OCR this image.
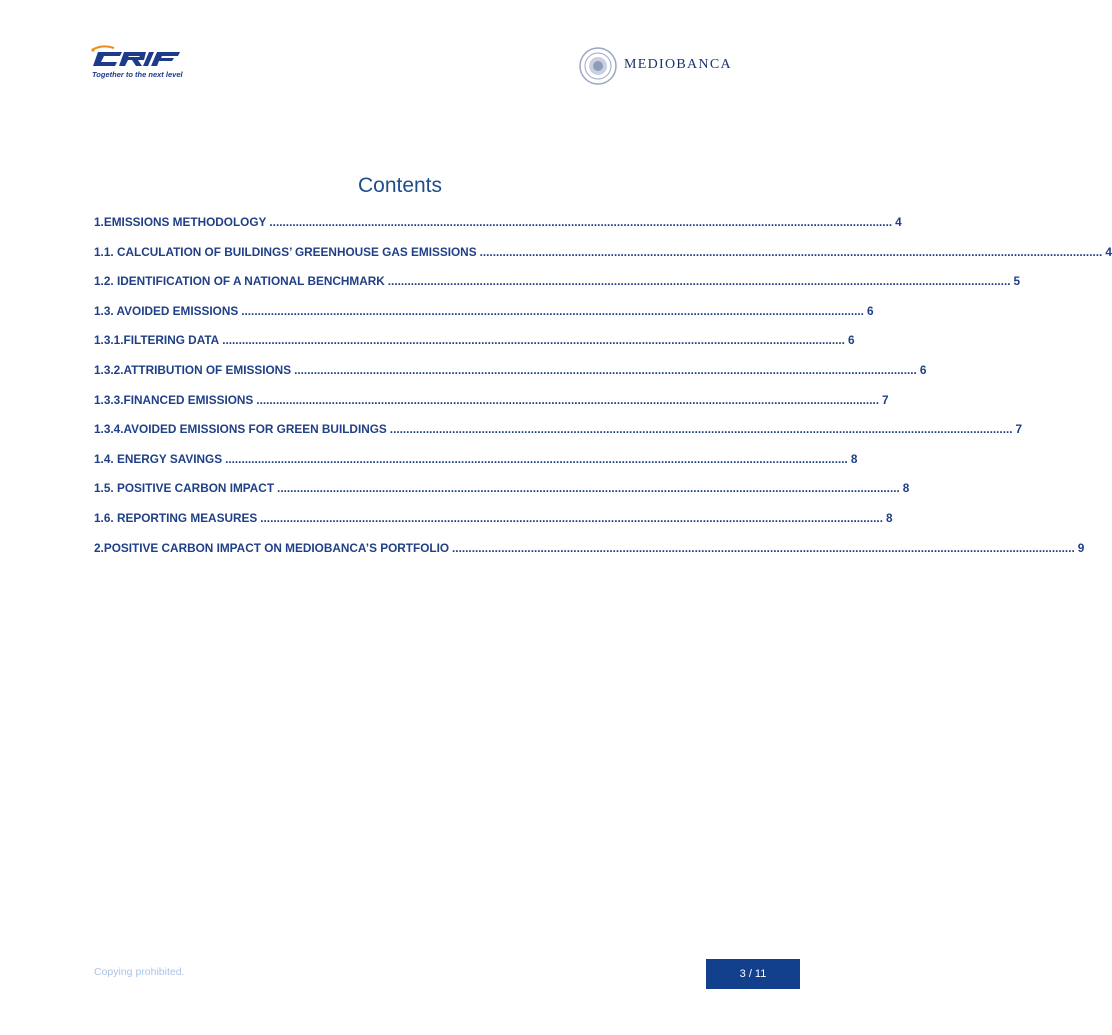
Together to the next level
MEDIOBANCA
Contents
1. EMISSIONS METHODOLOGY .............................................................................................................................................................................................. 4
1.1. CALCULATION OF BUILDINGS’ GREENHOUSE GAS EMISSIONS .............................................................................................................................................................................................. 4
1.2. IDENTIFICATION OF A NATIONAL BENCHMARK .............................................................................................................................................................................................. 5
1.3. AVOIDED EMISSIONS .............................................................................................................................................................................................. 6
1.3.1. FILTERING DATA .............................................................................................................................................................................................. 6
1.3.2. ATTRIBUTION OF EMISSIONS .............................................................................................................................................................................................. 6
1.3.3. FINANCED EMISSIONS .............................................................................................................................................................................................. 7
1.3.4. AVOIDED EMISSIONS FOR GREEN BUILDINGS .............................................................................................................................................................................................. 7
1.4. ENERGY SAVINGS .............................................................................................................................................................................................. 8
1.5. POSITIVE CARBON IMPACT .............................................................................................................................................................................................. 8
1.6. REPORTING MEASURES .............................................................................................................................................................................................. 8
2. POSITIVE CARBON IMPACT ON MEDIOBANCA’S PORTFOLIO .............................................................................................................................................................................................. 9
Copying prohibited.	3 / 11
